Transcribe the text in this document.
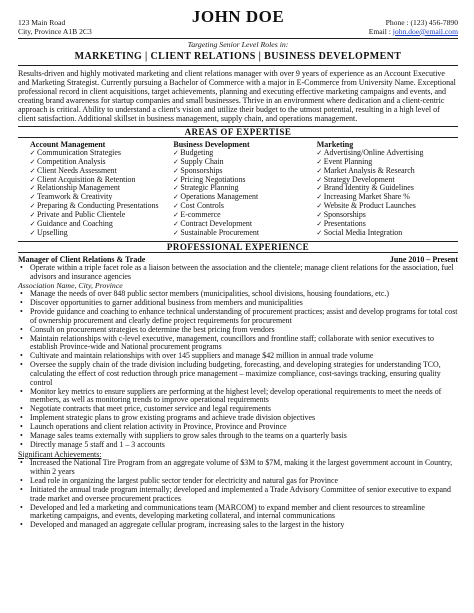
JOHN DOE
123 Main Road
City, Province A1B 2C3
Phone : (123) 456-7890
Email : john.doe@email.com
Targeting Senior Level Roles in:
MARKETING | CLIENT RELATIONS | BUSINESS DEVELOPMENT
Results-driven and highly motivated marketing and client relations manager with over 9 years of experience as an Account Executive and Marketing Strategist. Currently pursuing a Bachelor of Commerce with a major in E-Commerce from University Name. Exceptional professional record in client acquisitions, target achievements, planning and executing effective marketing campaigns and events, and creating brand awareness for startup companies and small businesses. Thrive in an environment where dedication and a client-centric approach is critical. Ability to understand a client's vision and utilize their budget to the utmost potential, resulting in a high level of client satisfaction. Additional skillset in business management, supply chain, and operations management.
AREAS OF EXPERTISE
Account Management
✓ Communication Strategies
✓ Competition Analysis
✓ Client Needs Assessment
✓ Client Acquisition & Retention
✓ Relationship Management
✓ Teamwork & Creativity
✓ Preparing & Conducting Presentations
✓ Private and Public Clientele
✓ Guidance and Coaching
✓ Upselling
Business Development
✓ Budgeting
✓ Supply Chain
✓ Sponsorships
✓ Pricing Negotiations
✓ Strategic Planning
✓ Operations Management
✓ Cost Controls
✓ E-commerce
✓ Contract Development
✓ Sustainable Procurement
Marketing
✓ Advertising/Online Advertising
✓ Event Planning
✓ Market Analysis & Research
✓ Strategy Development
✓ Brand Identity & Guidelines
✓ Increasing Market Share %
✓ Website & Product Launches
✓ Sponsorships
✓ Presentations
✓ Social Media Integration
PROFESSIONAL EXPERIENCE
Manager of Client Relations & Trade	June 2010 – Present
• Operate within a triple facet role as a liaison between the association and the clientele; manage client relations for the association, fuel advisors and insurance agencies
Association Name, City, Province
• Manage the needs of over 848 public sector members (municipalities, school divisions, housing foundations, etc.)
• Discover opportunities to garner additional business from members and municipalities
• Provide guidance and coaching to enhance technical understanding of procurement practices; assist and develop programs for total cost of ownership procurement and clearly define project requirements for procurement
• Consult on procurement strategies to determine the best pricing from vendors
• Maintain relationships with c-level executive, management, councillors and frontline staff; collaborate with senior executives to establish Province-wide and National procurement programs
• Cultivate and maintain relationships with over 145 suppliers and manage $42 million in annual trade volume
• Oversee the supply chain of the trade division including budgeting, forecasting, and developing strategies for understanding TCO, calculating the effect of cost reduction through price management – maximize compliance, cost-savings tracking, ensuring quality control
• Monitor key metrics to ensure suppliers are performing at the highest level; develop operational requirements to meet the needs of members, as well as monitoring trends to improve operational requirements
• Negotiate contracts that meet price, customer service and legal requirements
• Implement strategic plans to grow existing programs and achieve trade division objectives
• Launch operations and client relation activity in Province, Province and Province
• Manage sales teams externally with suppliers to grow sales through to the teams on a quarterly basis
• Directly manage 5 staff and 1 – 3 accounts
Significant Achievements:
• Increased the National Tire Program from an aggregate volume of $3M to $7M, making it the largest government account in Country, within 2 years
• Lead role in organizing the largest public sector tender for electricity and natural gas for Province
• Initiated the annual trade program internally; developed and implemented a Trade Advisory Committee of senior executive to expand trade market and oversee procurement practices
• Developed and led a marketing and communications team (MARCOM) to expand member and client resources to streamline marketing campaigns, and events, developing marketing collateral, and internal communications
• Developed and managed an aggregate cellular program, increasing sales to the largest in the history
